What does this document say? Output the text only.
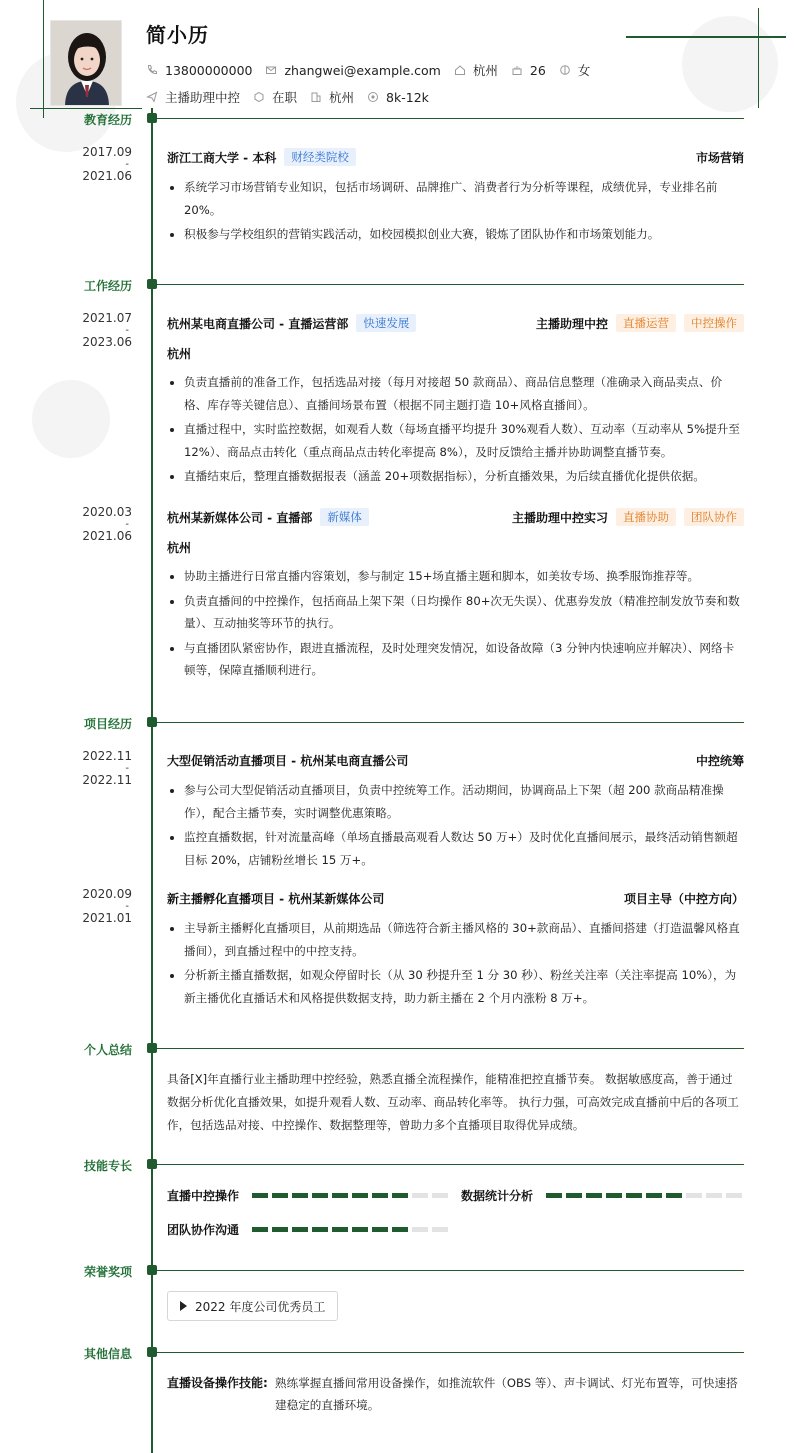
简小历
13800000000	zhangwei@example.com	杭州	26	女
主播助理中控	在职	杭州	8k-12k
教育经历
2017.09
-
2021.06
浙江工商大学 - 本科	财经类院校	市场营销
系统学习市场营销专业知识，包括市场调研、品牌推广、消费者行为分析等课程，成绩优异，专业排名前 20%。
积极参与学校组织的营销实践活动，如校园模拟创业大赛，锻炼了团队协作和市场策划能力。
工作经历
2021.07
-
2023.06
杭州某电商直播公司 - 直播运营部	快速发展	主播助理中控	直播运营	中控操作
杭州
负责直播前的准备工作，包括选品对接（每月对接超 50 款商品）、商品信息整理（准确录入商品卖点、价格、库存等关键信息）、直播间场景布置（根据不同主题打造 10+风格直播间）。
直播过程中，实时监控数据，如观看人数（每场直播平均提升 30%观看人数）、互动率（互动率从 5%提升至 12%）、商品点击转化（重点商品点击转化率提高 8%），及时反馈给主播并协助调整直播节奏。
直播结束后，整理直播数据报表（涵盖 20+项数据指标），分析直播效果，为后续直播优化提供依据。
2020.03
-
2021.06
杭州某新媒体公司 - 直播部	新媒体	主播助理中控实习	直播协助	团队协作
杭州
协助主播进行日常直播内容策划，参与制定 15+场直播主题和脚本，如美妆专场、换季服饰推荐等。
负责直播间的中控操作，包括商品上架下架（日均操作 80+次无失误）、优惠券发放（精准控制发放节奏和数量）、互动抽奖等环节的执行。
与直播团队紧密协作，跟进直播流程，及时处理突发情况，如设备故障（3 分钟内快速响应并解决）、网络卡顿等，保障直播顺利进行。
项目经历
2022.11
-
2022.11
大型促销活动直播项目 - 杭州某电商直播公司	中控统筹
参与公司大型促销活动直播项目，负责中控统筹工作。活动期间，协调商品上下架（超 200 款商品精准操作），配合主播节奏，实时调整优惠策略。
监控直播数据，针对流量高峰（单场直播最高观看人数达 50 万+）及时优化直播间展示，最终活动销售额超目标 20%，店铺粉丝增长 15 万+。
2020.09
-
2021.01
新主播孵化直播项目 - 杭州某新媒体公司	项目主导（中控方向）
主导新主播孵化直播项目，从前期选品（筛选符合新主播风格的 30+款商品）、直播间搭建（打造温馨风格直播间），到直播过程中的中控支持。
分析新主播直播数据，如观众停留时长（从 30 秒提升至 1 分 30 秒）、粉丝关注率（关注率提高 10%），为新主播优化直播话术和风格提供数据支持，助力新主播在 2 个月内涨粉 8 万+。
个人总结
具备[X]年直播行业主播助理中控经验，熟悉直播全流程操作，能精准把控直播节奏。 数据敏感度高，善于通过数据分析优化直播效果，如提升观看人数、互动率、商品转化率等。 执行力强，可高效完成直播前中后的各项工作，包括选品对接、中控操作、数据整理等，曾助力多个直播项目取得优异成绩。
技能专长
直播中控操作	数据统计分析
团队协作沟通
荣誉奖项
2022 年度公司优秀员工
其他信息
直播设备操作技能: 熟练掌握直播间常用设备操作，如推流软件（OBS 等）、声卡调试、灯光布置等，可快速搭建稳定的直播环境。
